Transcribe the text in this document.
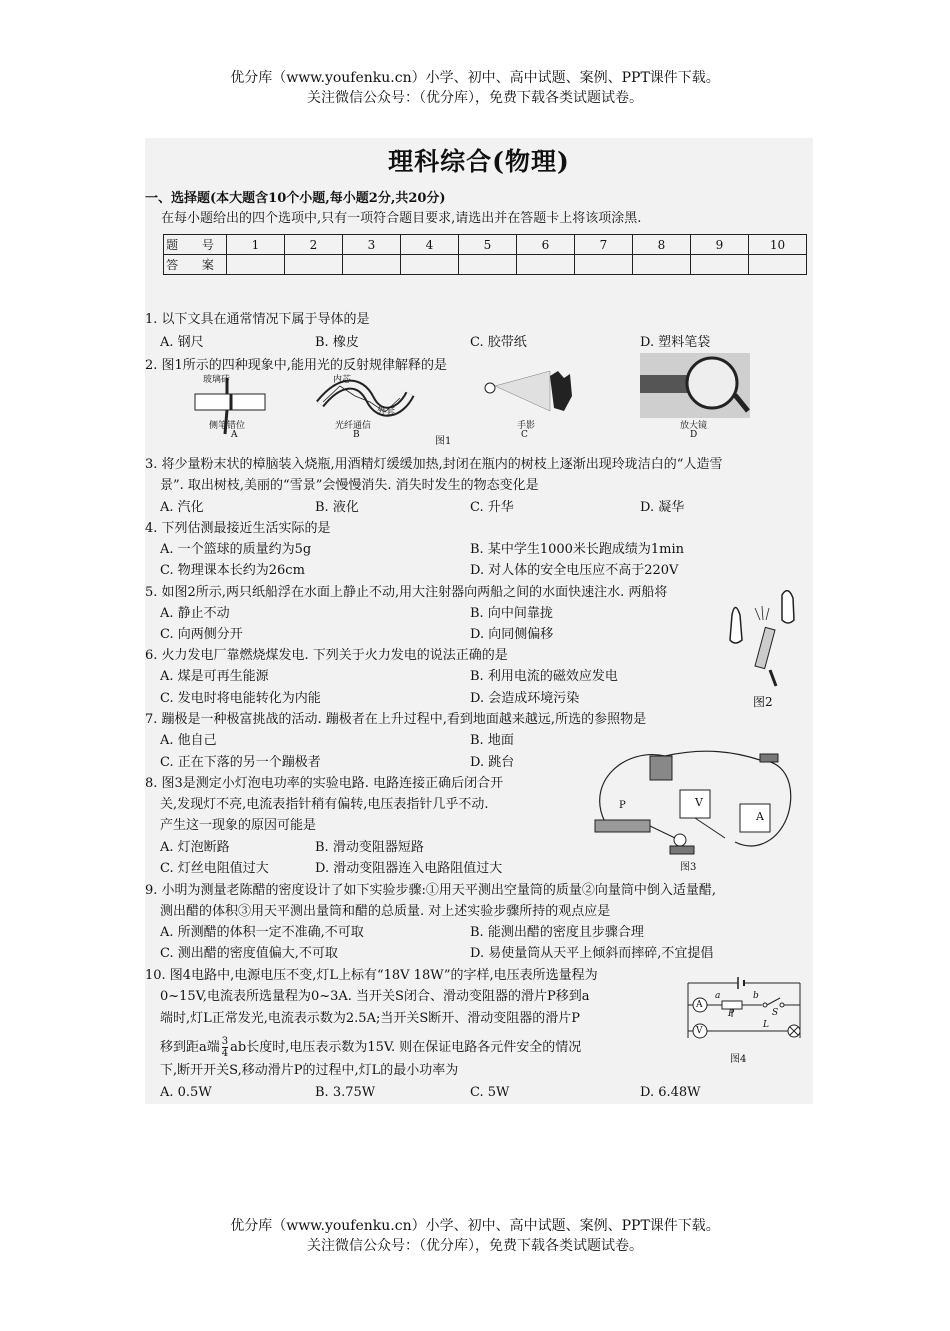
优分库（www.youfenku.cn）小学、初中、高中试题、案例、PPT课件下载。
关注微信公众号：（优分库），免费下载各类试题试卷。
理科综合(物理)
一、选择题(本大题含10个小题,每小题2分,共20分)
在每小题给出的四个选项中,只有一项符合题目要求,请选出并在答题卡上将该项涂黑.
题 号	1	2	3	4	5	6	7	8	9	10
答 案										
1. 以下文具在通常情况下属于导体的是
A. 钢尺	B. 橡皮	C. 胶带纸	D. 塑料笔袋
2. 图1所示的四种现象中,能用光的反射规律解释的是
玻璃砖
侧笔错位
A
内芯
外套
光纤通信
B
手影
C
放大镜
D
图1
3. 将少量粉末状的樟脑装入烧瓶,用酒精灯缓缓加热,封闭在瓶内的树枝上逐渐出现玲珑洁白的“人造雪
景”. 取出树枝,美丽的“雪景”会慢慢消失. 消失时发生的物态变化是
A. 汽化	B. 液化	C. 升华	D. 凝华
4. 下列估测最接近生活实际的是
A. 一个篮球的质量约为5g	B. 某中学生1000米长跑成绩为1min
C. 物理课本长约为26cm	D. 对人体的安全电压应不高于220V
5. 如图2所示,两只纸船浮在水面上静止不动,用大注射器向两船之间的水面快速注水. 两船将
A. 静止不动	B. 向中间靠拢
C. 向两侧分开	D. 向同侧偏移
图2
6. 火力发电厂靠燃烧煤发电. 下列关于火力发电的说法正确的是
A. 煤是可再生能源	B. 利用电流的磁效应发电
C. 发电时将电能转化为内能	D. 会造成环境污染
7. 蹦极是一种极富挑战的活动. 蹦极者在上升过程中,看到地面越来越远,所选的参照物是
A. 他自己	B. 地面
C. 正在下落的另一个蹦极者	D. 跳台
8. 图3是测定小灯泡电功率的实验电路. 电路连接正确后闭合开
关,发现灯不亮,电流表指针稍有偏转,电压表指针几乎不动.
产生这一现象的原因可能是
A. 灯泡断路	B. 滑动变阻器短路
C. 灯丝电阻值过大	D. 滑动变阻器连入电路阻值过大
P	V
A
图3
9. 小明为测量老陈醋的密度设计了如下实验步骤:①用天平测出空量筒的质量②向量筒中倒入适量醋,
测出醋的体积③用天平测出量筒和醋的总质量. 对上述实验步骤所持的观点应是
A. 所测醋的体积一定不准确,不可取	B. 能测出醋的密度且步骤合理
C. 测出醋的密度值偏大,不可取	D. 易使量筒从天平上倾斜而摔碎,不宜提倡
10. 图4电路中,电源电压不变,灯L上标有“18V 18W”的字样,电压表所选量程为
0~15V,电流表所选量程为0~3A. 当开关S闭合、滑动变阻器的滑片P移到a
端时,灯L正常发光,电流表示数为2.5A;当开关S断开、滑动变阻器的滑片P
移到距a端 $\frac{3}{4}$ ab长度时,电压表示数为15V. 则在保证电路各元件安全的情况
下,断开开关S,移动滑片P的过程中,灯L的最小功率为
A. 0.5W	B. 3.75W	C. 5W	D. 6.48W
A
V
a	b
P	S
L
图4
优分库（www.youfenku.cn）小学、初中、高中试题、案例、PPT课件下载。
关注微信公众号：（优分库），免费下载各类试题试卷。
